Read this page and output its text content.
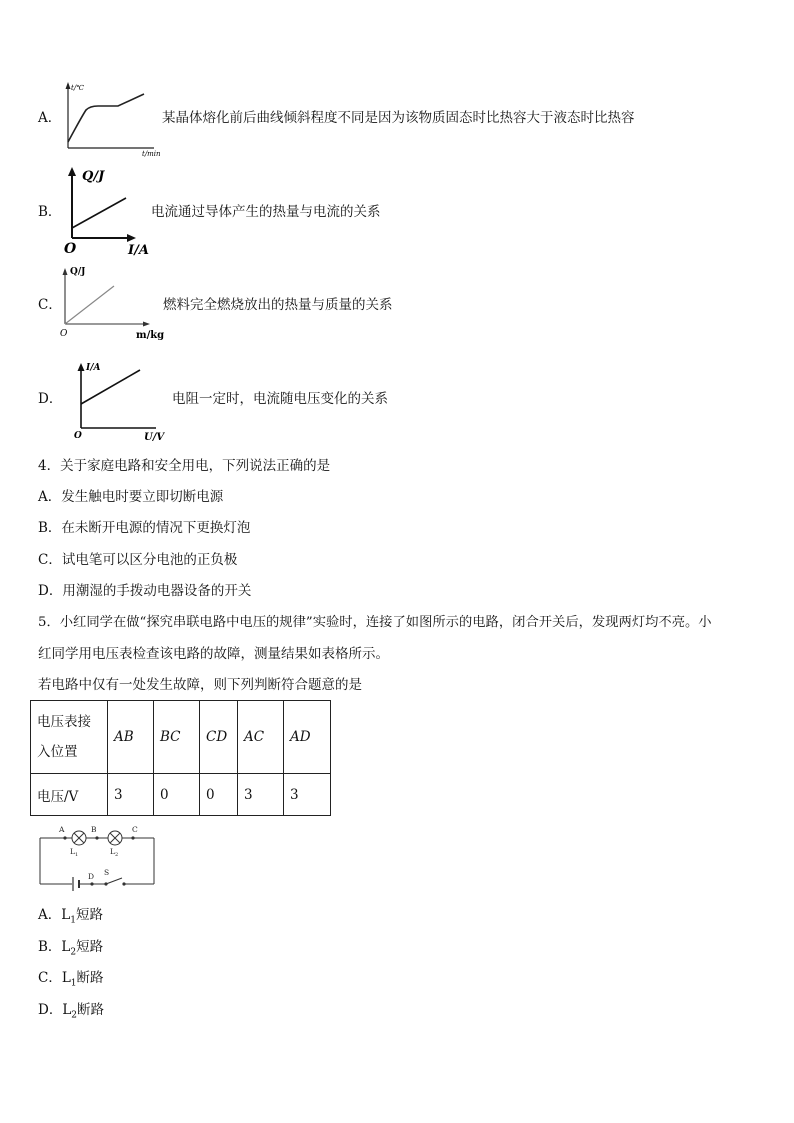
A．
t/℃
t/min
某晶体熔化前后曲线倾斜程度不同是因为该物质固态时比热容大于液态时比热容
B．
Q/J
O	I/A
电流通过导体产生的热量与电流的关系
C．
Q/J
O	m/kg
燃料完全燃烧放出的热量与质量的关系
D．
I/A
O	U/V
电阻一定时，电流随电压变化的关系
4．关于家庭电路和安全用电，下列说法正确的是
A．发生触电时要立即切断电源
B．在未断开电源的情况下更换灯泡
C．试电笔可以区分电池的正负极
D．用潮湿的手拨动电器设备的开关
5．小红同学在做“探究串联电路中电压的规律”实验时，连接了如图所示的电路，闭合开关后，发现两灯均不亮。小
红同学用电压表检查该电路的故障，测量结果如表格所示。
若电路中仅有一处发生故障，则下列判断符合题意的是
电压表接
入位置	AB	BC	CD	AC	AD
电压/V	3	0	0	3	3
A	B	C
D S
$L_1$	$L_2$
A．$L_1$短路
B．$L_2$短路
C．$L_1$断路
D．$L_2$断路
